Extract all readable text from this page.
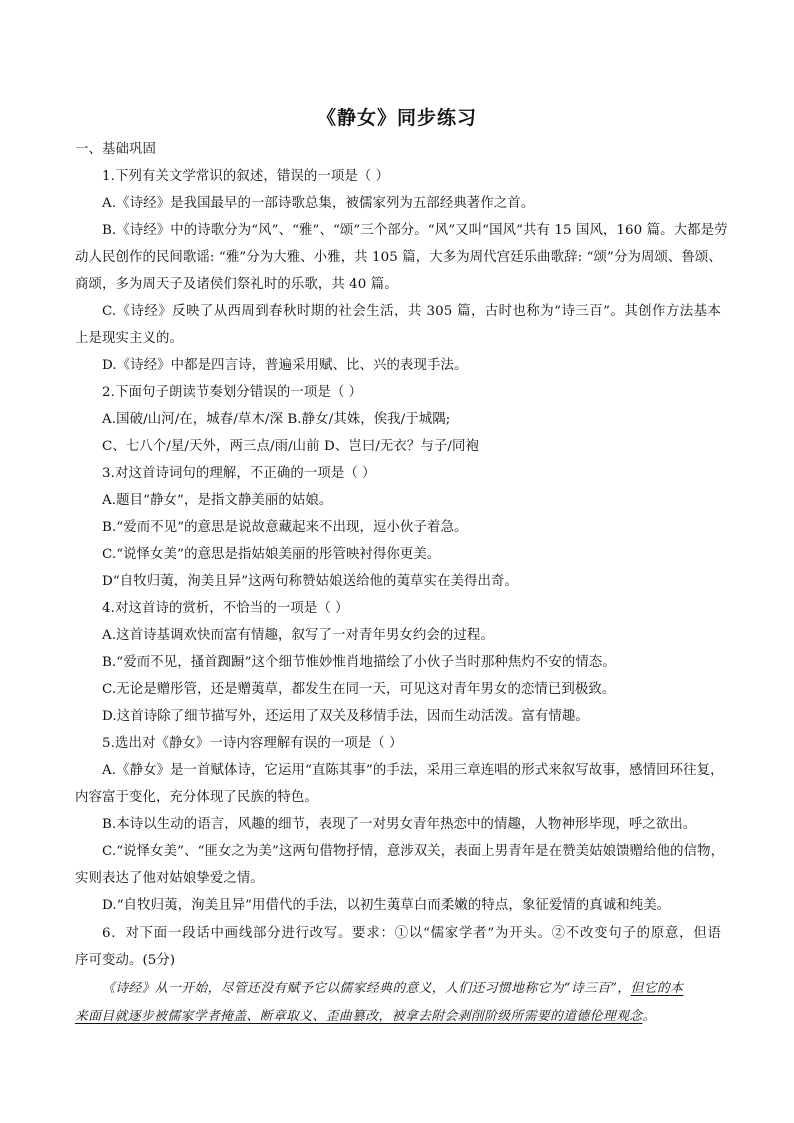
《静女》同步练习
一、基础巩固
1.下列有关文学常识的叙述，错误的一项是（ ）
A.《诗经》是我国最早的一部诗歌总集，被儒家列为五部经典著作之首。
B.《诗经》中的诗歌分为“风”、“雅”、“颂”三个部分。“风”又叫“国风”共有 15 国风，160 篇。大都是劳
动人民创作的民间歌谣: “雅”分为大雅、小雅，共 105 篇，大多为周代宫廷乐曲歌辞: “颂”分为周颂、鲁颂、
商颂，多为周天子及诸侯们祭礼时的乐歌，共 40 篇。
C.《诗经》反映了从西周到春秋时期的社会生活，共 305 篇，古时也称为“诗三百”。其创作方法基本
上是现实主义的。
D.《诗经》中都是四言诗，普遍采用赋、比、兴的表现手法。
2.下面句子朗读节奏划分错误的一项是（ ）
A.国破/山河/在，城春/草木/深 B.静女/其姝，俟我/于城隅;
C、七八个/星/天外，两三点/雨/山前 D、岂曰/无衣？与子/同袍
3.对这首诗词句的理解，不正确的一项是（ ）
A.题目“静女”，是指文静美丽的姑娘。
B.“爱而不见”的意思是说故意藏起来不出现，逗小伙子着急。
C.“说怿女美”的意思是指姑娘美丽的彤管映衬得你更美。
D“自牧归荑，洵美且异”这两句称赞姑娘送给他的荑草实在美得出奇。
4.对这首诗的赏析，不恰当的一项是（ ）
A.这首诗基调欢快而富有情趣，叙写了一对青年男女约会的过程。
B.“爱而不见，搔首踟蹰”这个细节惟妙惟肖地描绘了小伙子当时那种焦灼不安的情态。
C.无论是赠彤管，还是赠荑草，都发生在同一天，可见这对青年男女的恋情已到极致。
D.这首诗除了细节描写外，还运用了双关及移情手法，因而生动活泼。富有情趣。
5.选出对《静女》一诗内容理解有误的一项是（ ）
A.《静女》是一首赋体诗，它运用“直陈其事”的手法，采用三章连唱的形式来叙写故事，感情回环往复，
内容富于变化，充分体现了民族的特色。
B.本诗以生动的语言，风趣的细节，表现了一对男女青年热恋中的情趣，人物神形毕现，呼之欲出。
C.“说怿女美”、“匪女之为美”这两句借物抒情，意涉双关，表面上男青年是在赞美姑娘馈赠给他的信物，
实则表达了他对姑娘挚爱之情。
D.“自牧归荑，洵美且异”用借代的手法，以初生荑草白而柔嫩的特点，象征爱情的真诚和纯美。
6．对下面一段话中画线部分进行改写。要求：①以“儒家学者”为开头。②不改变句子的原意，但语
序可变动。(5分)
《诗经》从一开始，尽管还没有赋予它以儒家经典的意义，人们还习惯地称它为“诗三百”，但它的本
来面目就逐步被儒家学者掩盖、断章取义、歪曲篡改，被拿去附会剥削阶级所需要的道德伦理观念。
